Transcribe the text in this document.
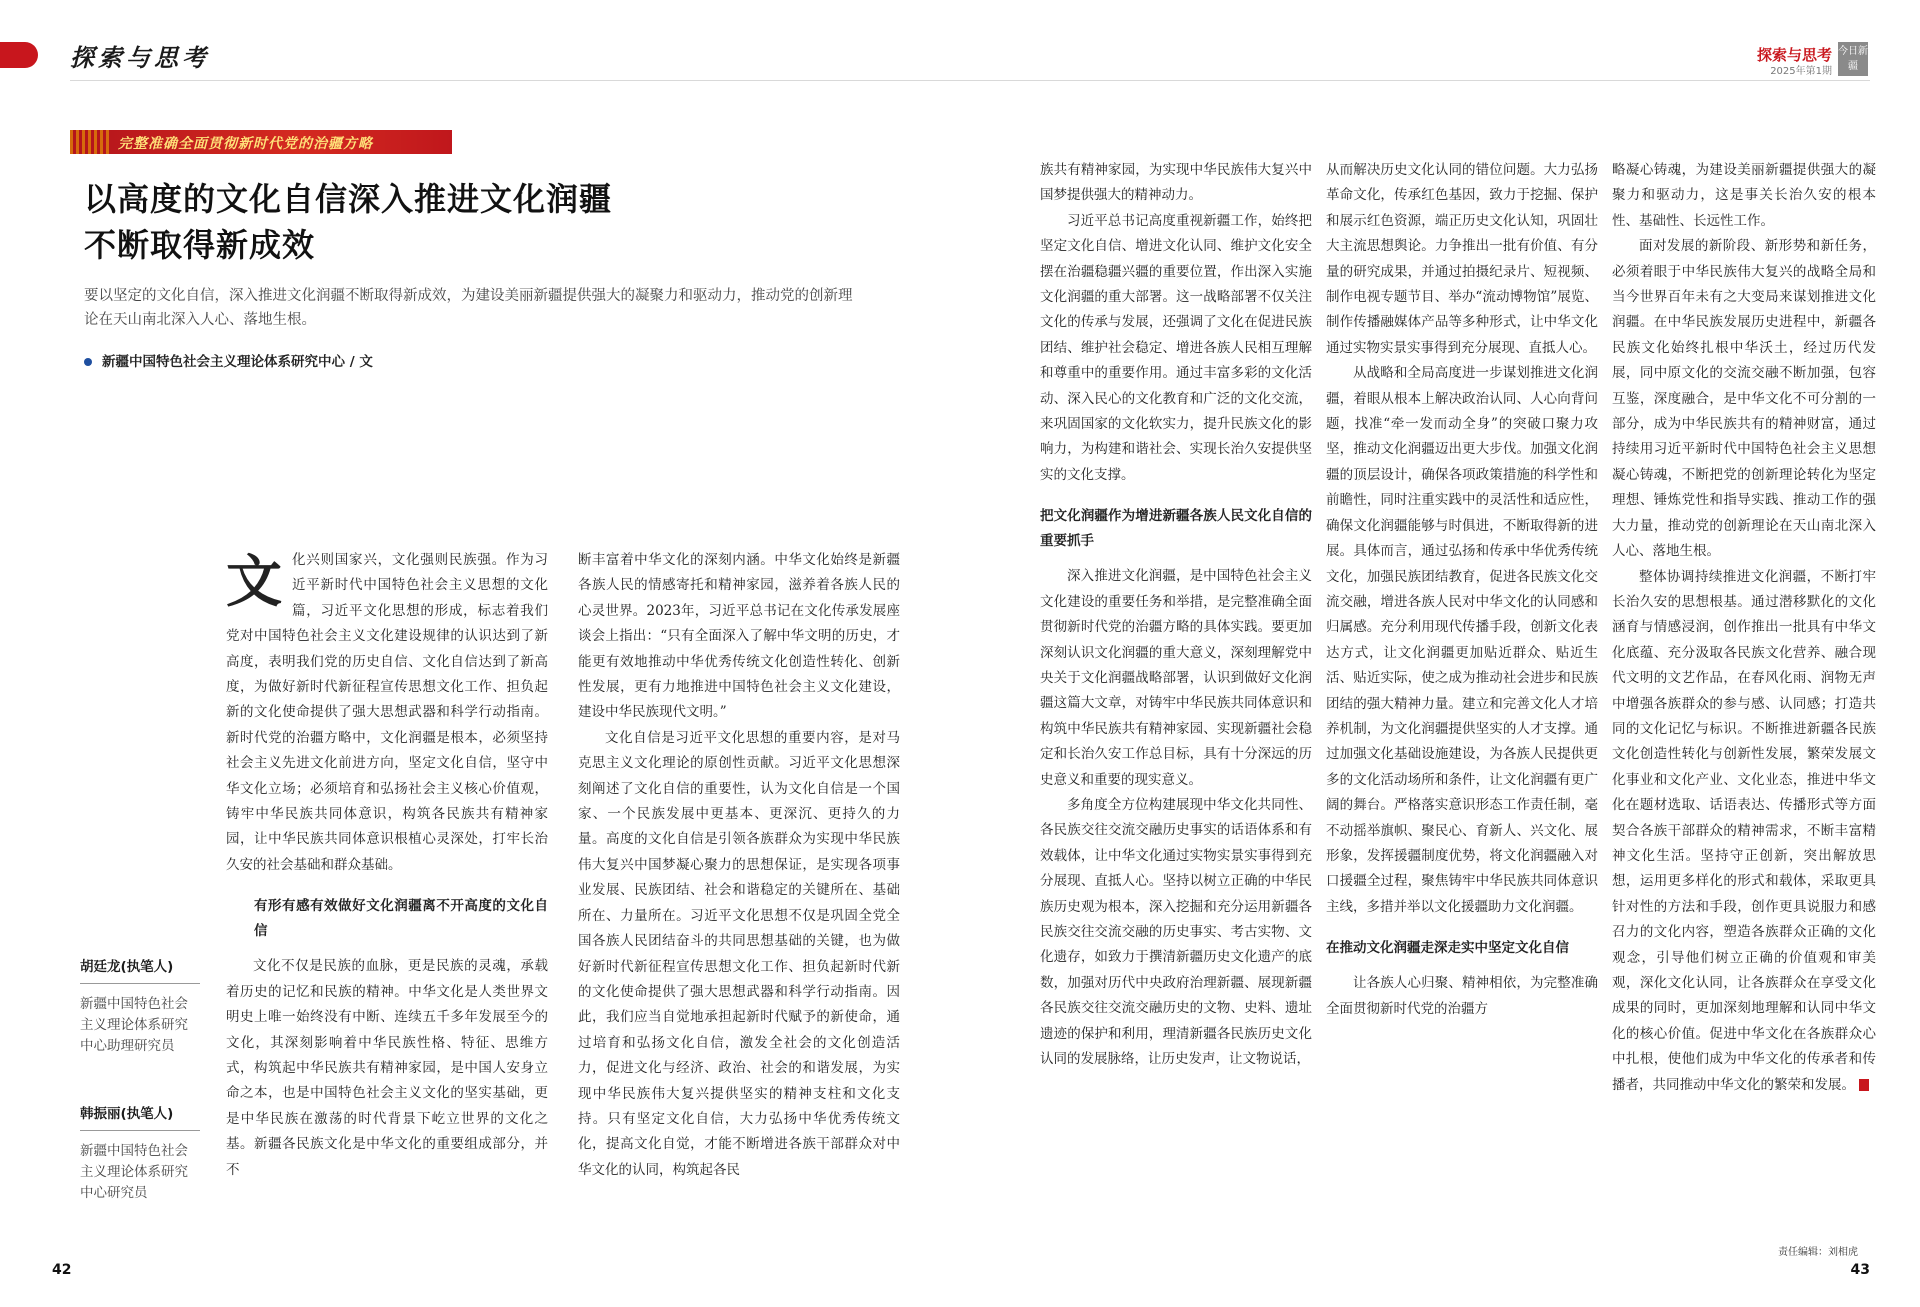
探索与思考
完整准确全面贯彻新时代党的治疆方略
以高度的文化自信深入推进文化润疆
不断取得新成效
要以坚定的文化自信，深入推进文化润疆不断取得新成效，为建设美丽新疆提供强大的凝聚力和驱动力，推动党的创新理论在天山南北深入人心、落地生根。
新疆中国特色社会主义理论体系研究中心 / 文
胡廷龙(执笔人)
新疆中国特色社会主义理论体系研究中心助理研究员
韩振丽(执笔人)
新疆中国特色社会主义理论体系研究中心研究员
文 化兴则国家兴，文化强则民族强。作为习近平新时代中国特色社会主义思想的文化篇，习近平文化思想的形成，标志着我们党对中国特色社会主义文化建设规律的认识达到了新高度，表明我们党的历史自信、文化自信达到了新高度，为做好新时代新征程宣传思想文化工作、担负起新的文化使命提供了强大思想武器和科学行动指南。新时代党的治疆方略中，文化润疆是根本，必须坚持社会主义先进文化前进方向，坚定文化自信，坚守中华文化立场；必须培育和弘扬社会主义核心价值观，铸牢中华民族共同体意识，构筑各民族共有精神家园，让中华民族共同体意识根植心灵深处，打牢长治久安的社会基础和群众基础。

有形有感有效做好文化润疆离不开高度的文化自信

文化不仅是民族的血脉，更是民族的灵魂，承载着历史的记忆和民族的精神。中华文化是人类世界文明史上唯一始终没有中断、连续五千多年发展至今的文化，其深刻影响着中华民族性格、特征、思维方式，构筑起中华民族共有精神家园，是中国人安身立命之本，也是中国特色社会主义文化的坚实基础，更是中华民族在激荡的时代背景下屹立世界的文化之基。新疆各民族文化是中华文化的重要组成部分，并不

断丰富着中华文化的深刻内涵。中华文化始终是新疆各族人民的情感寄托和精神家园，滋养着各族人民的心灵世界。2023年，习近平总书记在文化传承发展座谈会上指出：“只有全面深入了解中华文明的历史，才能更有效地推动中华优秀传统文化创造性转化、创新性发展，更有力地推进中国特色社会主义文化建设，建设中华民族现代文明。”

文化自信是习近平文化思想的重要内容，是对马克思主义文化理论的原创性贡献。习近平文化思想深刻阐述了文化自信的重要性，认为文化自信是一个国家、一个民族发展中更基本、更深沉、更持久的力量。高度的文化自信是引领各族群众为实现中华民族伟大复兴中国梦凝心聚力的思想保证，是实现各项事业发展、民族团结、社会和谐稳定的关键所在、基础所在、力量所在。习近平文化思想不仅是巩固全党全国各族人民团结奋斗的共同思想基础的关键，也为做好新时代新征程宣传思想文化工作、担负起新时代新的文化使命提供了强大思想武器和科学行动指南。因此，我们应当自觉地承担起新时代赋予的新使命，通过培育和弘扬文化自信，激发全社会的文化创造活力，促进文化与经济、政治、社会的和谐发展，为实现中华民族伟大复兴提供坚实的精神支柱和文化支持。只有坚定文化自信，大力弘扬中华优秀传统文化，提高文化自觉，才能不断增进各族干部群众对中华文化的认同，构筑起各民

42
探索与思考
2025年第1期
今日新疆

族共有精神家园，为实现中华民族伟大复兴中国梦提供强大的精神动力。

习近平总书记高度重视新疆工作，始终把坚定文化自信、增进文化认同、维护文化安全摆在治疆稳疆兴疆的重要位置，作出深入实施文化润疆的重大部署。这一战略部署不仅关注文化的传承与发展，还强调了文化在促进民族团结、维护社会稳定、增进各族人民相互理解和尊重中的重要作用。通过丰富多彩的文化活动、深入民心的文化教育和广泛的文化交流，来巩固国家的文化软实力，提升民族文化的影响力，为构建和谐社会、实现长治久安提供坚实的文化支撑。

把文化润疆作为增进新疆各族人民文化自信的重要抓手

深入推进文化润疆，是中国特色社会主义文化建设的重要任务和举措，是完整准确全面贯彻新时代党的治疆方略的具体实践。要更加深刻认识文化润疆的重大意义，深刻理解党中央关于文化润疆战略部署，认识到做好文化润疆这篇大文章，对铸牢中华民族共同体意识和构筑中华民族共有精神家园、实现新疆社会稳定和长治久安工作总目标，具有十分深远的历史意义和重要的现实意义。

多角度全方位构建展现中华文化共同性、各民族交往交流交融历史事实的话语体系和有效载体，让中华文化通过实物实景实事得到充分展现、直抵人心。坚持以树立正确的中华民族历史观为根本，深入挖掘和充分运用新疆各民族交往交流交融的历史事实、考古实物、文化遗存，如致力于撰清新疆历史文化遗产的底数，加强对历代中央政府治理新疆、展现新疆各民族交往交流交融历史的文物、史料、遗址遗迹的保护和利用，理清新疆各民族历史文化认同的发展脉络，让历史发声，让文物说话，

从而解决历史文化认同的错位问题。大力弘扬革命文化，传承红色基因，致力于挖掘、保护和展示红色资源，端正历史文化认知，巩固壮大主流思想舆论。力争推出一批有价值、有分量的研究成果，并通过拍摄纪录片、短视频、制作电视专题节目、举办“流动博物馆”展览、制作传播融媒体产品等多种形式，让中华文化通过实物实景实事得到充分展现、直抵人心。

从战略和全局高度进一步谋划推进文化润疆，着眼从根本上解决政治认同、人心向背问题，找准“牵一发而动全身”的突破口聚力攻坚，推动文化润疆迈出更大步伐。加强文化润疆的顶层设计，确保各项政策措施的科学性和前瞻性，同时注重实践中的灵活性和适应性，确保文化润疆能够与时俱进，不断取得新的进展。具体而言，通过弘扬和传承中华优秀传统文化，加强民族团结教育，促进各民族文化交流交融，增进各族人民对中华文化的认同感和归属感。充分利用现代传播手段，创新文化表达方式，让文化润疆更加贴近群众、贴近生活、贴近实际，使之成为推动社会进步和民族团结的强大精神力量。建立和完善文化人才培养机制，为文化润疆提供坚实的人才支撑。通过加强文化基础设施建设，为各族人民提供更多的文化活动场所和条件，让文化润疆有更广阔的舞台。严格落实意识形态工作责任制，毫不动摇举旗帜、聚民心、育新人、兴文化、展形象，发挥援疆制度优势，将文化润疆融入对口援疆全过程，聚焦铸牢中华民族共同体意识主线，多措并举以文化援疆助力文化润疆。

在推动文化润疆走深走实中坚定文化自信

让各族人心归聚、精神相依，为完整准确全面贯彻新时代党的治疆方

略凝心铸魂，为建设美丽新疆提供强大的凝聚力和驱动力，这是事关长治久安的根本性、基础性、长远性工作。

面对发展的新阶段、新形势和新任务，必须着眼于中华民族伟大复兴的战略全局和当今世界百年未有之大变局来谋划推进文化润疆。在中华民族发展历史进程中，新疆各民族文化始终扎根中华沃土，经过历代发展，同中原文化的交流交融不断加强，包容互鉴，深度融合，是中华文化不可分割的一部分，成为中华民族共有的精神财富，通过持续用习近平新时代中国特色社会主义思想凝心铸魂，不断把党的创新理论转化为坚定理想、锤炼党性和指导实践、推动工作的强大力量，推动党的创新理论在天山南北深入人心、落地生根。

整体协调持续推进文化润疆，不断打牢长治久安的思想根基。通过潜移默化的文化涵育与情感浸润，创作推出一批具有中华文化底蕴、充分汲取各民族文化营养、融合现代文明的文艺作品，在春风化雨、润物无声中增强各族群众的参与感、认同感；打造共同的文化记忆与标识。不断推进新疆各民族文化创造性转化与创新性发展，繁荣发展文化事业和文化产业、文化业态，推进中华文化在题材选取、话语表达、传播形式等方面契合各族干部群众的精神需求，不断丰富精神文化生活。坚持守正创新，突出解放思想，运用更多样化的形式和载体，采取更具针对性的方法和手段，创作更具说服力和感召力的文化内容，塑造各族群众正确的文化观念，引导他们树立正确的价值观和审美观，深化文化认同，让各族群众在享受文化成果的同时，更加深刻地理解和认同中华文化的核心价值。促进中华文化在各族群众心中扎根，使他们成为中华文化的传承者和传播者，共同推动中华文化的繁荣和发展。

责任编辑：刘相虎
43
